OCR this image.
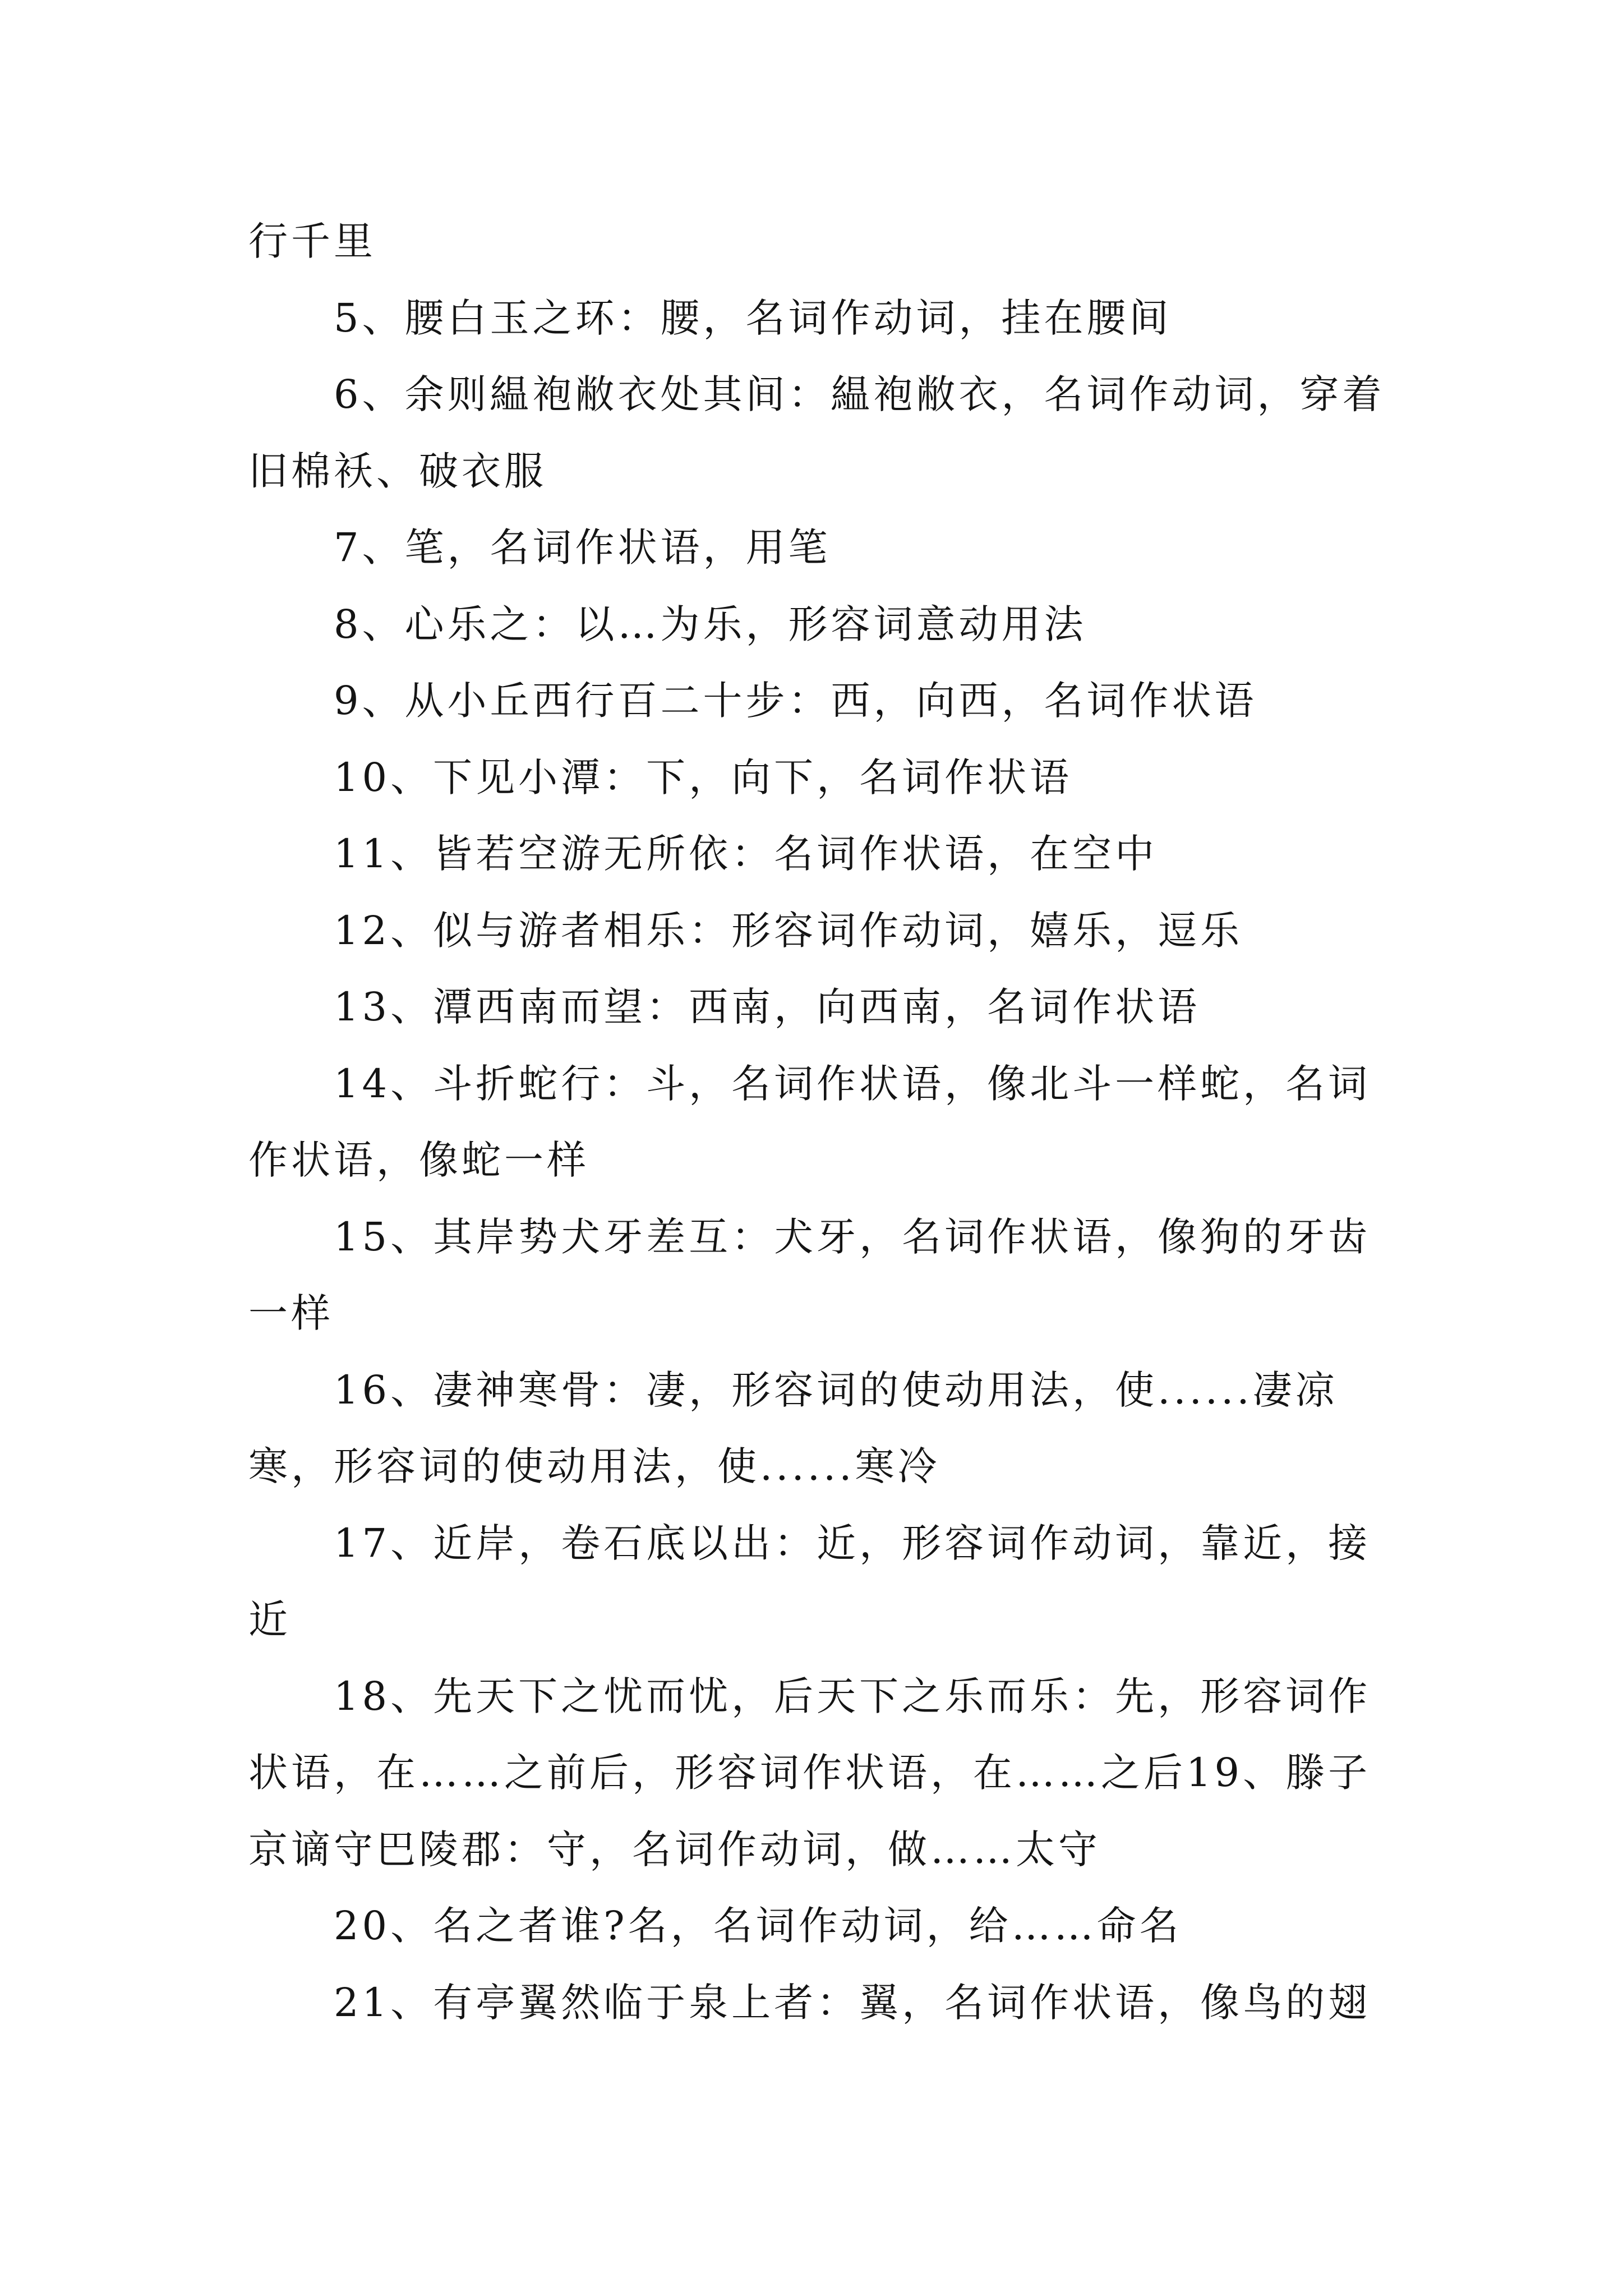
行千里

5、腰白玉之环：腰，名词作动词，挂在腰间

6、余则緼袍敝衣处其间：緼袍敝衣，名词作动词，穿着旧棉袄、破衣服

7、笔，名词作状语，用笔

8、心乐之：以…为乐，形容词意动用法

9、从小丘西行百二十步：西，向西，名词作状语

10、下见小潭：下，向下，名词作状语

11、皆若空游无所依：名词作状语，在空中

12、似与游者相乐：形容词作动词，嬉乐，逗乐

13、潭西南而望：西南，向西南，名词作状语

14、斗折蛇行：斗，名词作状语，像北斗一样蛇，名词作状语，像蛇一样

15、其岸势犬牙差互：犬牙，名词作状语，像狗的牙齿一样

16、凄神寒骨：凄，形容词的使动用法，使......凄凉寒，形容词的使动用法，使......寒冷

17、近岸，卷石底以出：近，形容词作动词，靠近，接近

18、先天下之忧而忧，后天下之乐而乐：先，形容词作状语，在……之前后，形容词作状语，在……之后19、滕子京谪守巴陵郡：守，名词作动词，做……太守

20、名之者谁?名，名词作动词，给……命名

21、有亭翼然临于泉上者：翼，名词作状语，像鸟的翅
